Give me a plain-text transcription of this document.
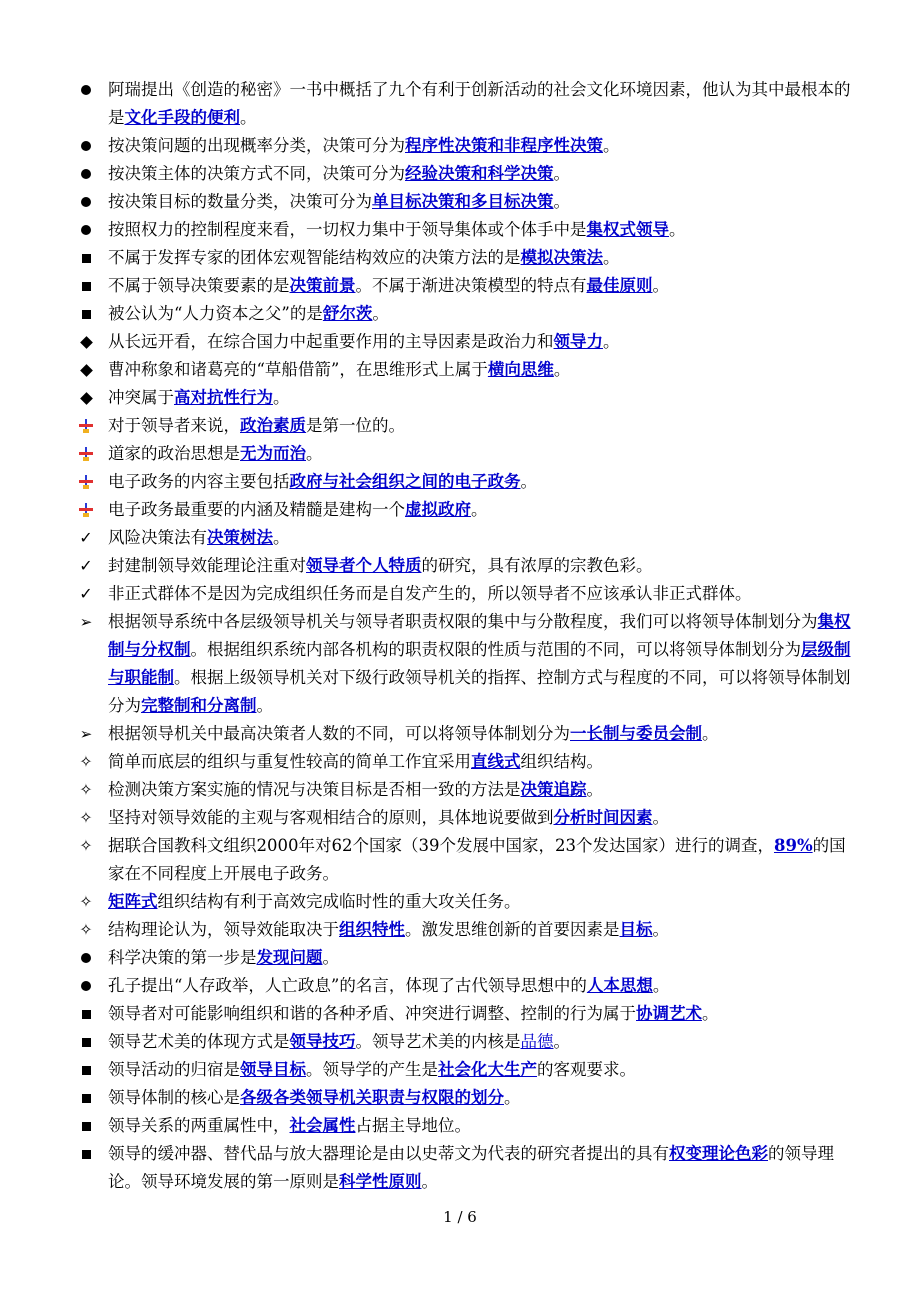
阿瑞提出《创造的秘密》一书中概括了九个有利于创新活动的社会文化环境因素，他认为其中最根本的是文化手段的便利。
按决策问题的出现概率分类，决策可分为程序性决策和非程序性决策。
按决策主体的决策方式不同，决策可分为经验决策和科学决策。
按决策目标的数量分类，决策可分为单目标决策和多目标决策。
按照权力的控制程度来看，一切权力集中于领导集体或个体手中是集权式领导。
不属于发挥专家的团体宏观智能结构效应的决策方法的是模拟决策法。
不属于领导决策要素的是决策前景。不属于渐进决策模型的特点有最佳原则。
被公认为“人力资本之父”的是舒尔茨。
从长远开看，在综合国力中起重要作用的主导因素是政治力和领导力。
曹冲称象和诸葛亮的“草船借箭”，在思维形式上属于横向思维。
冲突属于高对抗性行为。
对于领导者来说，政治素质是第一位的。
道家的政治思想是无为而治。
电子政务的内容主要包括政府与社会组织之间的电子政务。
电子政务最重要的内涵及精髓是建构一个虚拟政府。
✓ 风险决策法有决策树法。
✓ 封建制领导效能理论注重对领导者个人特质的研究，具有浓厚的宗教色彩。
✓ 非正式群体不是因为完成组织任务而是自发产生的，所以领导者不应该承认非正式群体。
➢ 根据领导系统中各层级领导机关与领导者职责权限的集中与分散程度，我们可以将领导体制划分为集权制与分权制。根据组织系统内部各机构的职责权限的性质与范围的不同，可以将领导体制划分为层级制与职能制。根据上级领导机关对下级行政领导机关的指挥、控制方式与程度的不同，可以将领导体制划分为完整制和分离制。
➢ 根据领导机关中最高决策者人数的不同，可以将领导体制划分为一长制与委员会制。
✧ 简单而底层的组织与重复性较高的简单工作宜采用直线式组织结构。
✧ 检测决策方案实施的情况与决策目标是否相一致的方法是决策追踪。
✧ 坚持对领导效能的主观与客观相结合的原则，具体地说要做到分析时间因素。
✧ 据联合国教科文组织2000年对62个国家（39个发展中国家，23个发达国家）进行的调查，89%的国家在不同程度上开展电子政务。
✧ 矩阵式组织结构有利于高效完成临时性的重大攻关任务。
✧ 结构理论认为，领导效能取决于组织特性。激发思维创新的首要因素是目标。
科学决策的第一步是发现问题。
孔子提出“人存政举，人亡政息”的名言，体现了古代领导思想中的人本思想。
领导者对可能影响组织和谐的各种矛盾、冲突进行调整、控制的行为属于协调艺术。
领导艺术美的体现方式是领导技巧。领导艺术美的内核是品德。
领导活动的归宿是领导目标。领导学的产生是社会化大生产的客观要求。
领导体制的核心是各级各类领导机关职责与权限的划分。
领导关系的两重属性中，社会属性占据主导地位。
领导的缓冲器、替代品与放大器理论是由以史蒂文为代表的研究者提出的具有权变理论色彩的领导理论。领导环境发展的第一原则是科学性原则。
1 / 6
